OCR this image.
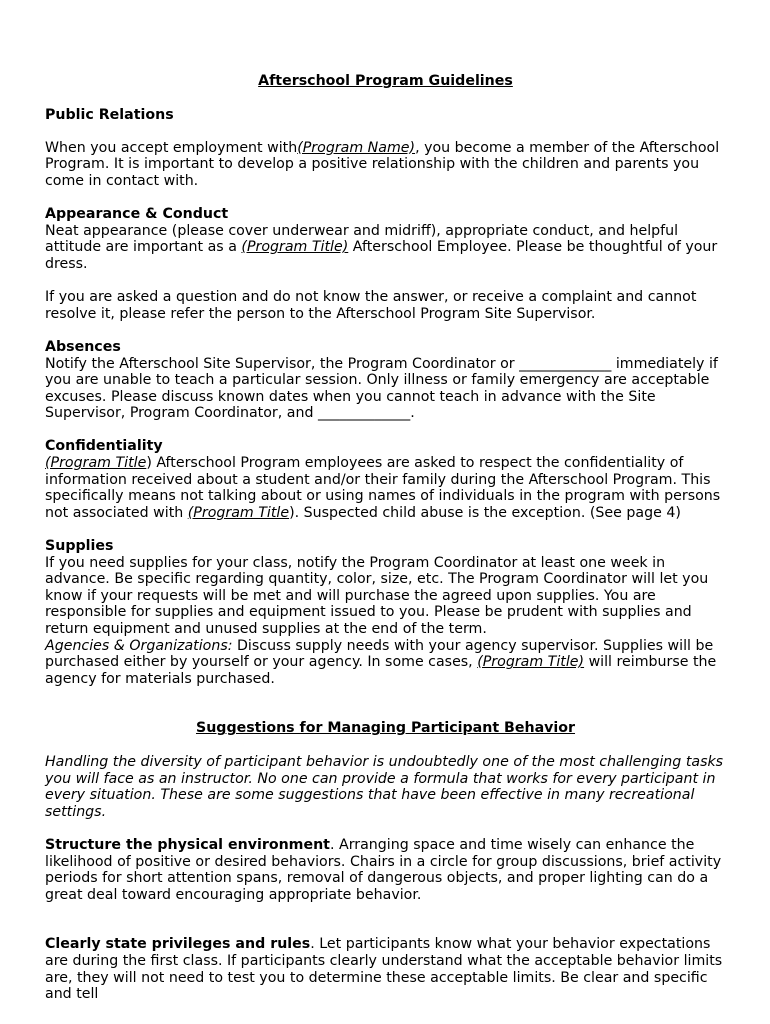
Afterschool Program Guidelines
Public Relations

When you accept employment with(Program Name), you become a member of the Afterschool Program. It is important to develop a positive relationship with the children and parents you come in contact with.

Appearance & Conduct

Neat appearance (please cover underwear and midriff), appropriate conduct, and helpful attitude are important as a (Program Title) Afterschool Employee. Please be thoughtful of your dress.

If you are asked a question and do not know the answer, or receive a complaint and cannot resolve it, please refer the person to the Afterschool Program Site Supervisor.

Absences

Notify the Afterschool Site Supervisor, the Program Coordinator or _____________ immediately if you are unable to teach a particular session. Only illness or family emergency are acceptable excuses. Please discuss known dates when you cannot teach in advance with the Site Supervisor, Program Coordinator, and _____________.

Confidentiality

(Program Title) Afterschool Program employees are asked to respect the confidentiality of information received about a student and/or their family during the Afterschool Program. This specifically means not talking about or using names of individuals in the program with persons not associated with (Program Title). Suspected child abuse is the exception. (See page 4)

Supplies

If you need supplies for your class, notify the Program Coordinator at least one week in advance. Be specific regarding quantity, color, size, etc. The Program Coordinator will let you know if your requests will be met and will purchase the agreed upon supplies. You are responsible for supplies and equipment issued to you. Please be prudent with supplies and return equipment and unused supplies at the end of the term.

Agencies & Organizations: Discuss supply needs with your agency supervisor. Supplies will be purchased either by yourself or your agency. In some cases, (Program Title) will reimburse the agency for materials purchased.

Suggestions for Managing Participant Behavior

Handling the diversity of participant behavior is undoubtedly one of the most challenging tasks you will face as an instructor. No one can provide a formula that works for every participant in every situation. These are some suggestions that have been effective in many recreational settings.

Structure the physical environment. Arranging space and time wisely can enhance the likelihood of positive or desired behaviors. Chairs in a circle for group discussions, brief activity periods for short attention spans, removal of dangerous objects, and proper lighting can do a great deal toward encouraging appropriate behavior.

Clearly state privileges and rules. Let participants know what your behavior expectations are during the first class. If participants clearly understand what the acceptable behavior limits are, they will not need to test you to determine these acceptable limits. Be clear and specific and tell
